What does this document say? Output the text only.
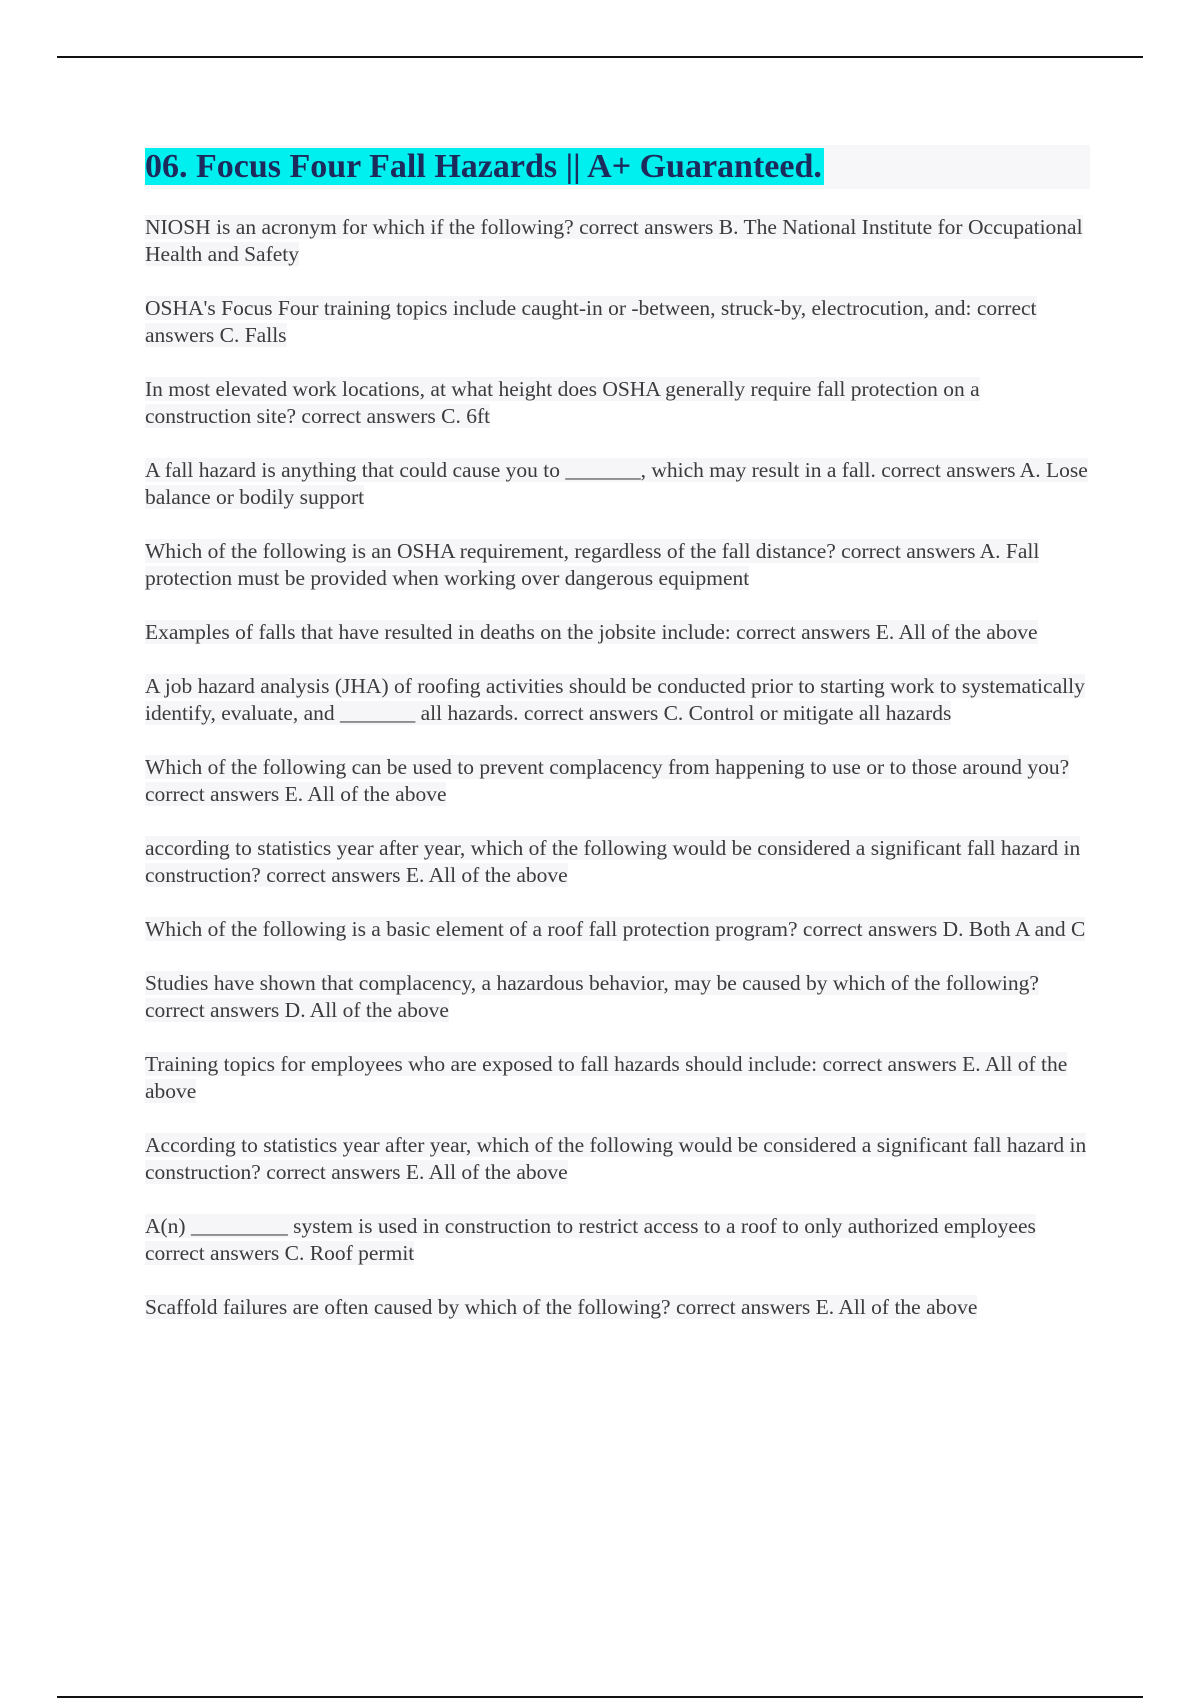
06. Focus Four Fall Hazards || A+ Guaranteed.

NIOSH is an acronym for which if the following? correct answers B. The National Institute for Occupational Health and Safety

OSHA's Focus Four training topics include caught-in or -between, struck-by, electrocution, and: correct answers C. Falls

In most elevated work locations, at what height does OSHA generally require fall protection on a construction site? correct answers C. 6ft

A fall hazard is anything that could cause you to _______, which may result in a fall. correct answers A. Lose balance or bodily support

Which of the following is an OSHA requirement, regardless of the fall distance? correct answers A. Fall protection must be provided when working over dangerous equipment

Examples of falls that have resulted in deaths on the jobsite include: correct answers E. All of the above

A job hazard analysis (JHA) of roofing activities should be conducted prior to starting work to systematically identify, evaluate, and _______ all hazards. correct answers C. Control or mitigate all hazards

Which of the following can be used to prevent complacency from happening to use or to those around you? correct answers E. All of the above

according to statistics year after year, which of the following would be considered a significant fall hazard in construction? correct answers E. All of the above

Which of the following is a basic element of a roof fall protection program? correct answers D. Both A and C

Studies have shown that complacency, a hazardous behavior, may be caused by which of the following? correct answers D. All of the above

Training topics for employees who are exposed to fall hazards should include: correct answers E. All of the above

According to statistics year after year, which of the following would be considered a significant fall hazard in construction? correct answers E. All of the above

A(n) _________ system is used in construction to restrict access to a roof to only authorized employees correct answers C. Roof permit

Scaffold failures are often caused by which of the following? correct answers E. All of the above
